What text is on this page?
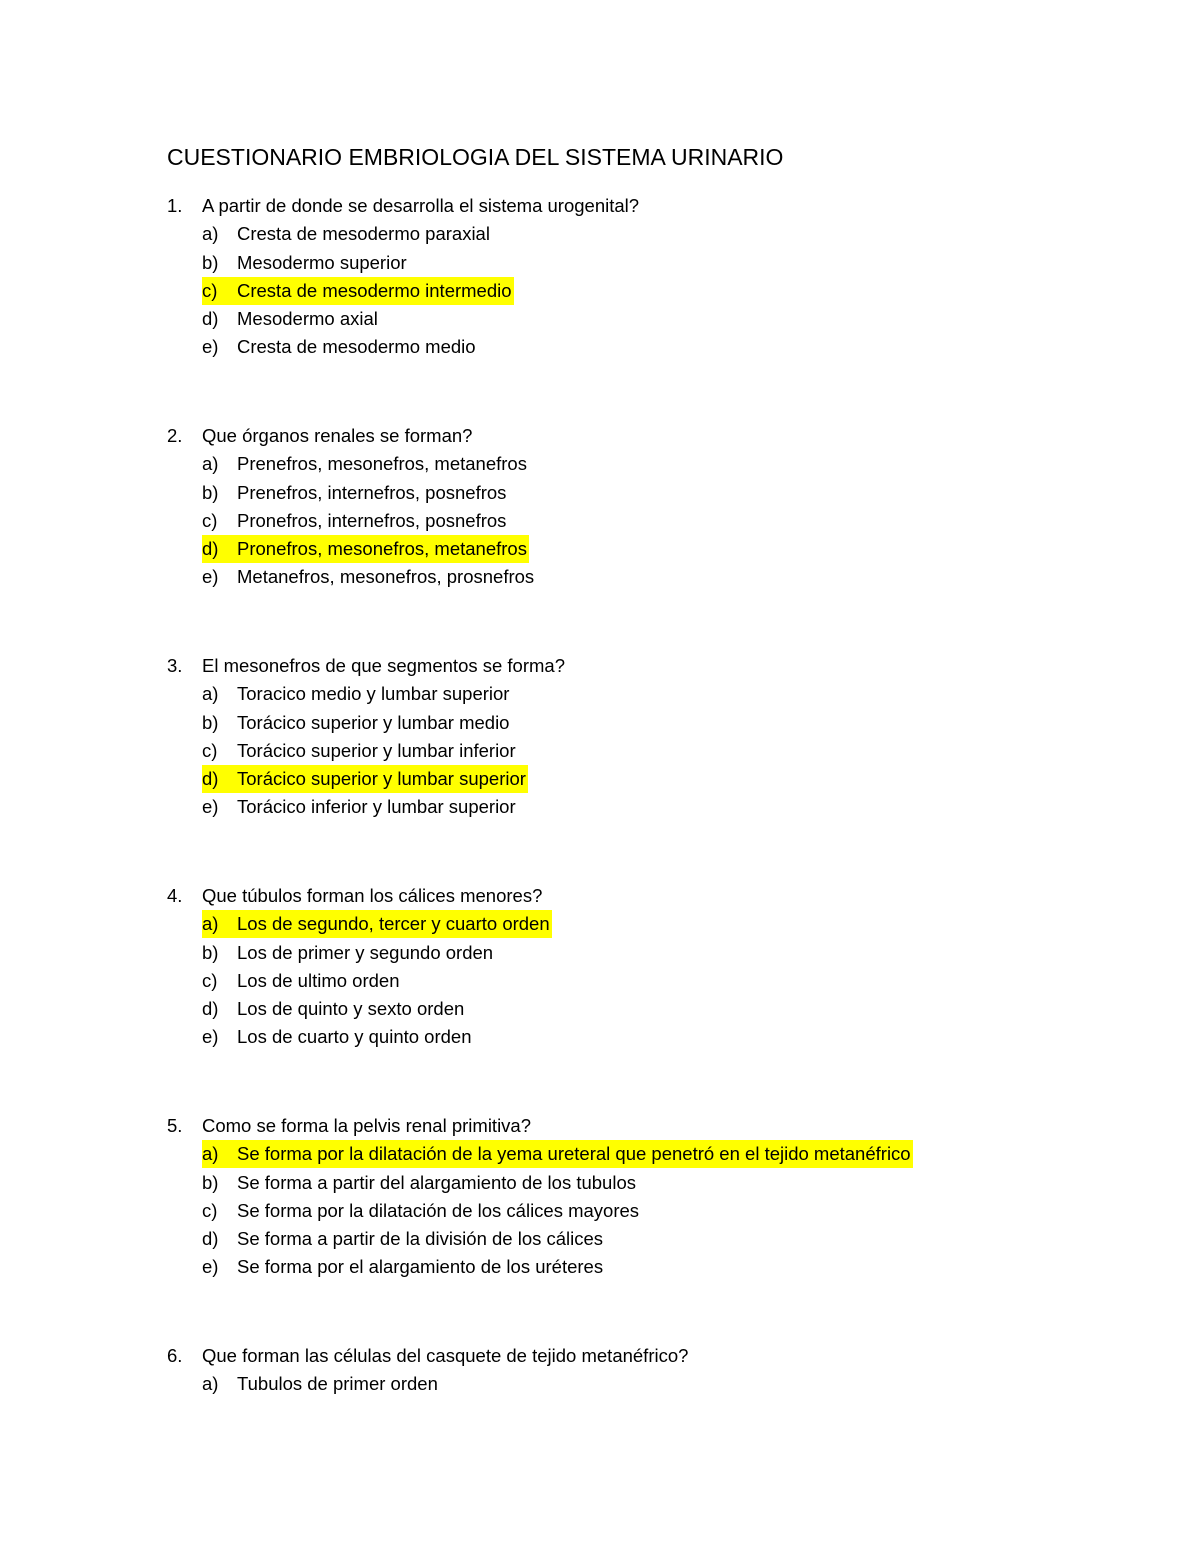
CUESTIONARIO EMBRIOLOGIA DEL SISTEMA URINARIO
1. A partir de donde se desarrolla el sistema urogenital?
a) Cresta de mesodermo paraxial
b) Mesodermo superior
c) Cresta de mesodermo intermedio
d) Mesodermo axial
e) Cresta de mesodermo medio
2. Que órganos renales se forman?
a) Prenefros, mesonefros, metanefros
b) Prenefros, internefros, posnefros
c) Pronefros, internefros, posnefros
d) Pronefros, mesonefros, metanefros
e) Metanefros, mesonefros, prosnefros
3. El mesonefros de que segmentos se forma?
a) Toracico medio y lumbar superior
b) Torácico superior y lumbar medio
c) Torácico superior y lumbar inferior
d) Torácico superior y lumbar superior
e) Torácico inferior y lumbar superior
4. Que túbulos forman los cálices menores?
a) Los de segundo, tercer y cuarto orden
b) Los de primer y segundo orden
c) Los de ultimo orden
d) Los de quinto y sexto orden
e) Los de cuarto y quinto orden
5. Como se forma la pelvis renal primitiva?
a) Se forma por la dilatación de la yema ureteral que penetró en el tejido metanéfrico
b) Se forma a partir del alargamiento de los tubulos
c) Se forma por la dilatación de los cálices mayores
d) Se forma a partir de la división de los cálices
e) Se forma por el alargamiento de los uréteres
6. Que forman las células del casquete de tejido metanéfrico?
a) Tubulos de primer orden
